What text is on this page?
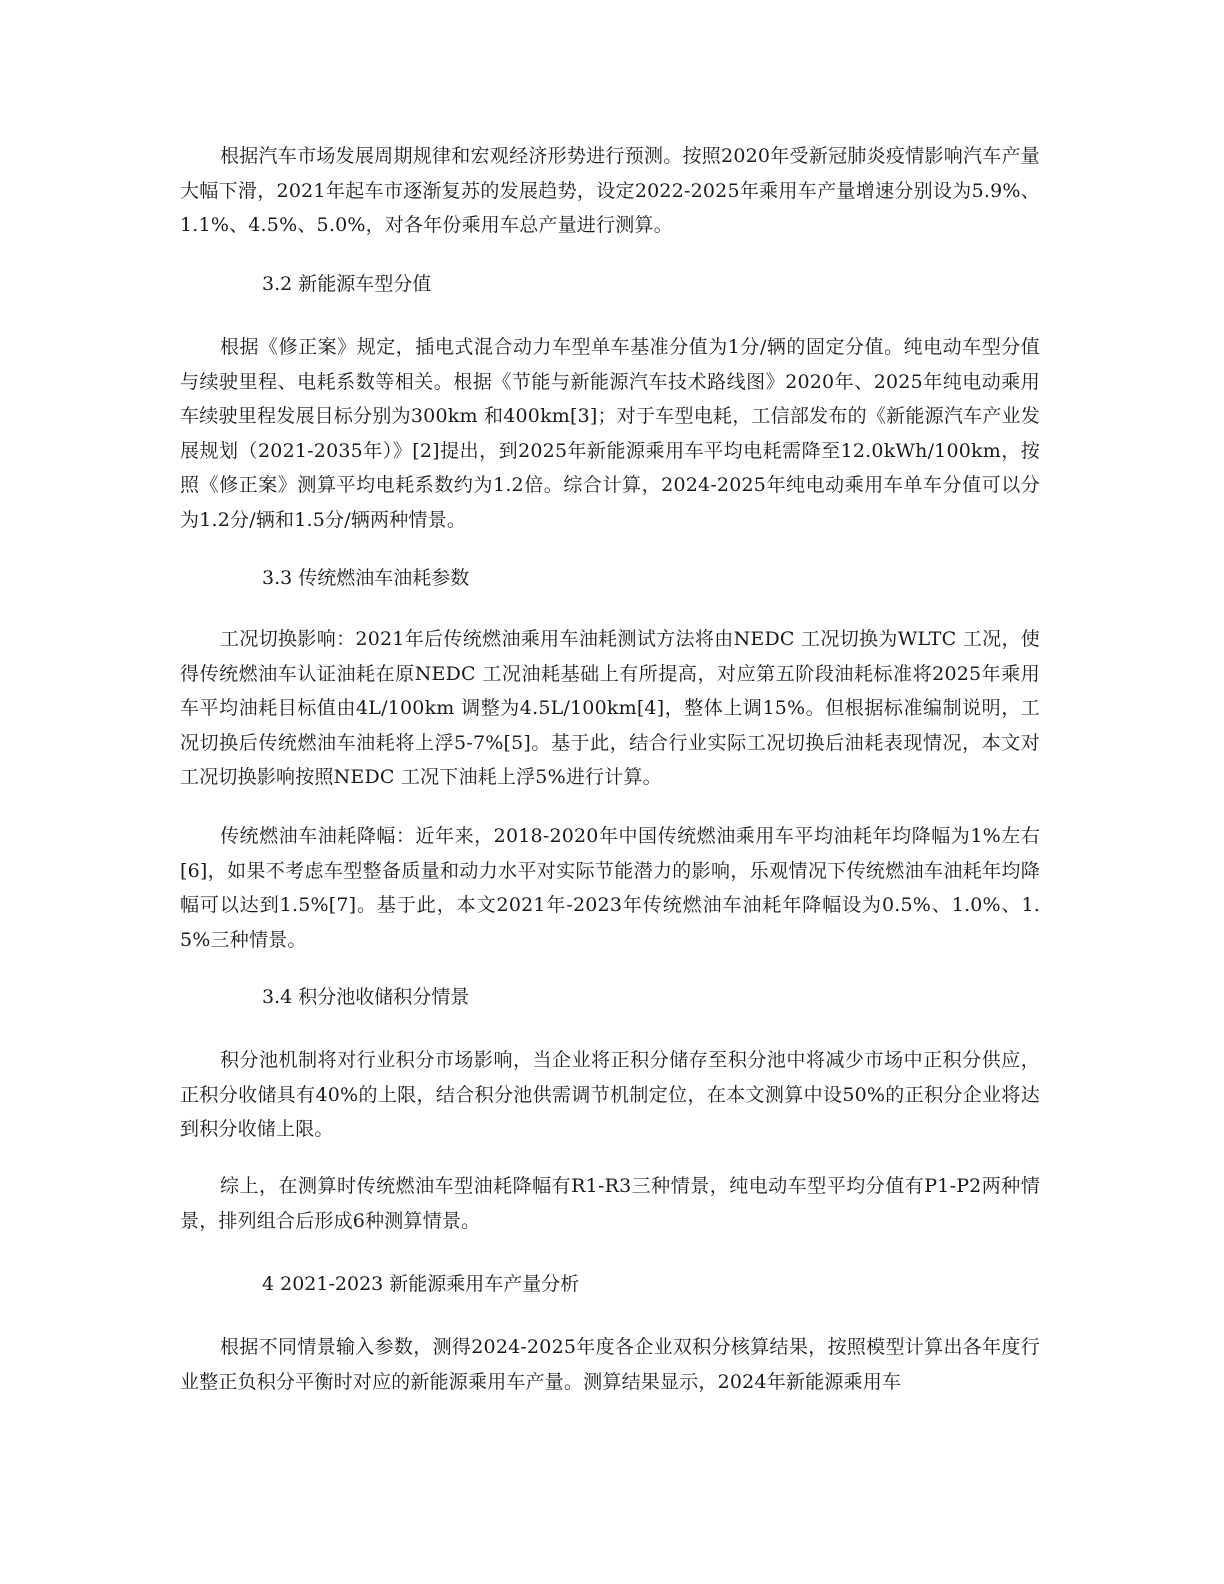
根据汽车市场发展周期规律和宏观经济形势进行预测。按照2020年受新冠肺炎疫情影响汽车产量大幅下滑，2021年起车市逐渐复苏的发展趋势，设定2022-2025年乘用车产量增速分别设为5.9%、1.1%、4.5%、5.0%，对各年份乘用车总产量进行测算。

3.2 新能源车型分值

根据《修正案》规定，插电式混合动力车型单车基准分值为1分/辆的固定分值。纯电动车型分值与续驶里程、电耗系数等相关。根据《节能与新能源汽车技术路线图》2020年、2025年纯电动乘用车续驶里程发展目标分别为300km 和400km[3]；对于车型电耗，工信部发布的《新能源汽车产业发展规划（2021-2035年）》[2]提出，到2025年新能源乘用车平均电耗需降至12.0kWh/100km，按照《修正案》测算平均电耗系数约为1.2倍。综合计算，2024-2025年纯电动乘用车单车分值可以分为1.2分/辆和1.5分/辆两种情景。

3.3 传统燃油车油耗参数

工况切换影响：2021年后传统燃油乘用车油耗测试方法将由NEDC 工况切换为WLTC 工况，使得传统燃油车认证油耗在原NEDC 工况油耗基础上有所提高，对应第五阶段油耗标准将2025年乘用车平均油耗目标值由4L/100km 调整为4.5L/100km[4]，整体上调15%。但根据标准编制说明，工况切换后传统燃油车油耗将上浮5-7%[5]。基于此，结合行业实际工况切换后油耗表现情况，本文对工况切换影响按照NEDC 工况下油耗上浮5%进行计算。

传统燃油车油耗降幅：近年来，2018-2020年中国传统燃油乘用车平均油耗年均降幅为1%左右[6]，如果不考虑车型整备质量和动力水平对实际节能潜力的影响，乐观情况下传统燃油车油耗年均降幅可以达到1.5%[7]。基于此，本文2021年-2023年传统燃油车油耗年降幅设为0.5%、1.0%、1.5%三种情景。

3.4 积分池收储积分情景

积分池机制将对行业积分市场影响，当企业将正积分储存至积分池中将减少市场中正积分供应，正积分收储具有40%的上限，结合积分池供需调节机制定位，在本文测算中设50%的正积分企业将达到积分收储上限。

综上，在测算时传统燃油车型油耗降幅有R1-R3三种情景，纯电动车型平均分值有P1-P2两种情景，排列组合后形成6种测算情景。

4 2021-2023 新能源乘用车产量分析

根据不同情景输入参数，测得2024-2025年度各企业双积分核算结果，按照模型计算出各年度行业整正负积分平衡时对应的新能源乘用车产量。测算结果显示，2024年新能源乘用车
